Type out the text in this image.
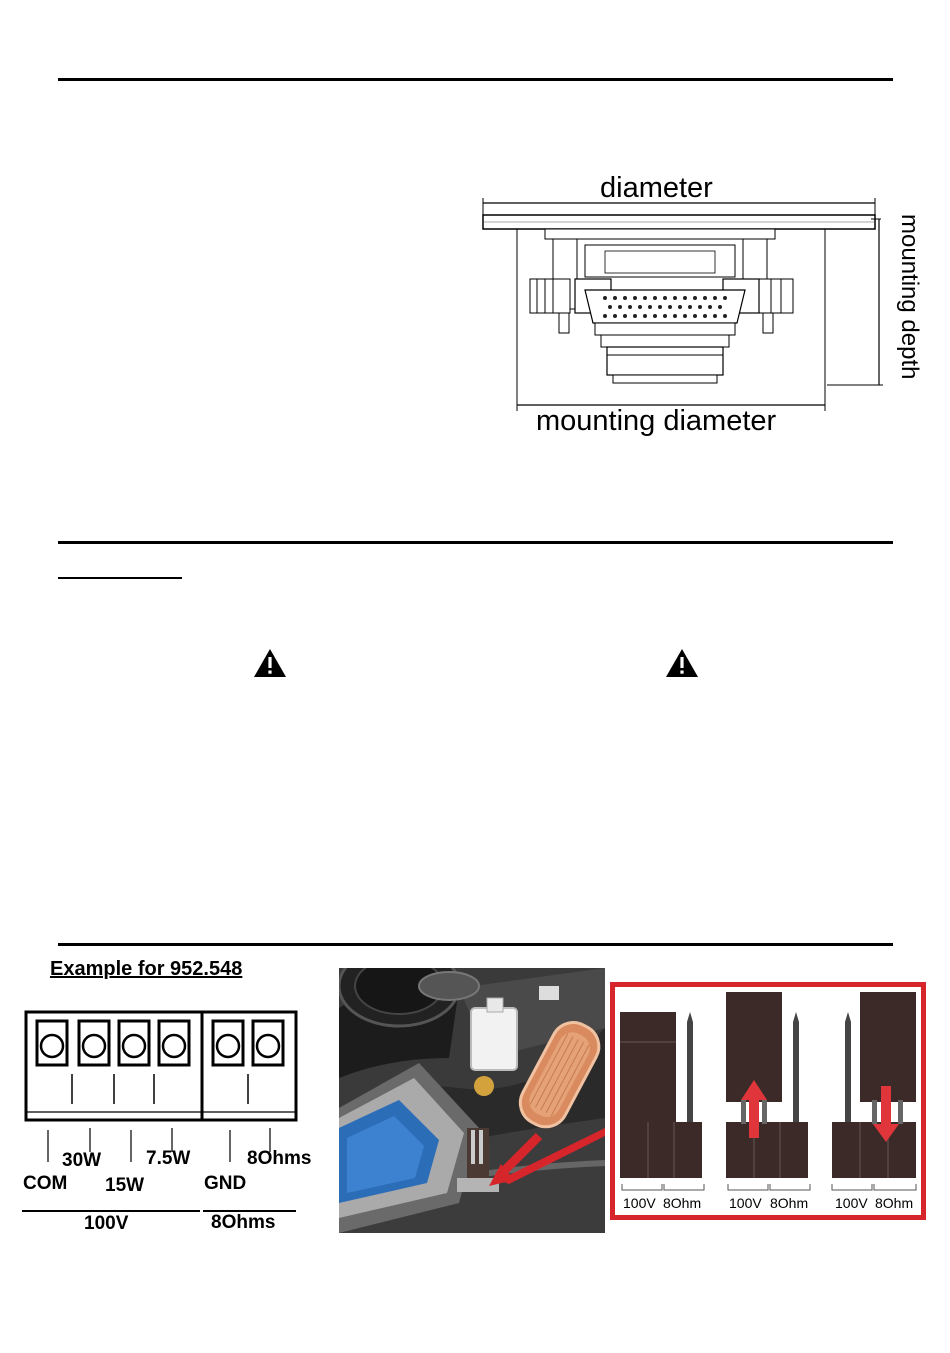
diameter
mounting diameter
mounting depth
Example for 952.548
30W 7.5W	8Ohms
COM 15W	GND
100V	8Ohms
100V 8Ohm 100V 8Ohm 100V 8Ohm
